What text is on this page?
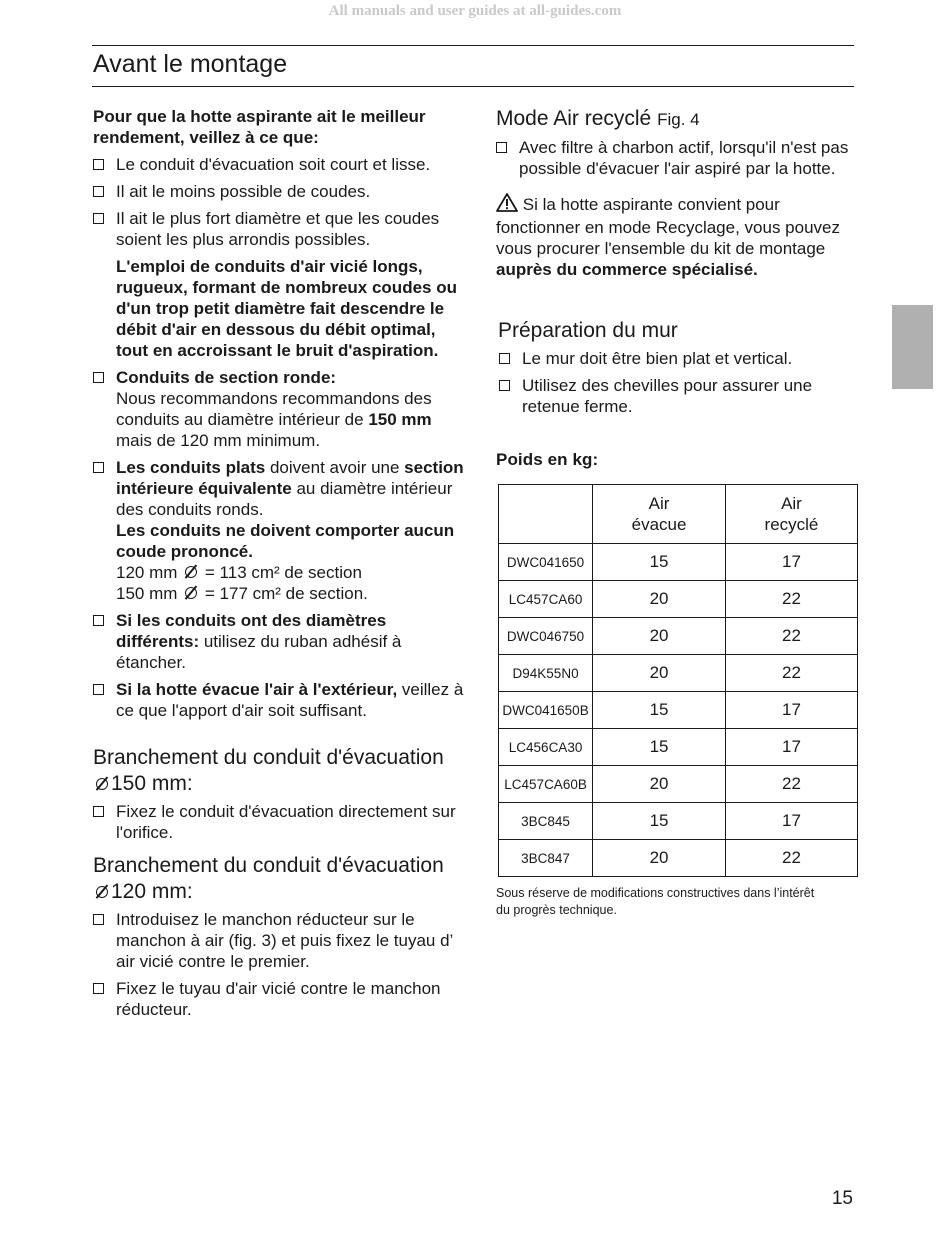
All manuals and user guides at all-guides.com
Avant le montage

Pour que la hotte aspirante ait le meilleur rendement, veillez à ce que:

Le conduit d'évacuation soit court et lisse.
Il ait le moins possible de coudes.
Il ait le plus fort diamètre et que les coudes soient les plus arrondis possibles.

L'emploi de conduits d'air vicié longs, rugueux, formant de nombreux coudes ou d'un trop petit diamètre fait descendre le débit d'air en dessous du débit optimal, tout en accroissant le bruit d'aspiration.

Conduits de section ronde:
Nous recommandons recommandons des conduits au diamètre intérieur de 150 mm mais de 120 mm minimum.
Les conduits plats doivent avoir une section intérieure équivalente au diamètre intérieur des conduits ronds.
Les conduits ne doivent comporter aucun coude prononcé.
120 mm = 113 cm² de section
150 mm = 177 cm² de section.
Si les conduits ont des diamètres différents: utilisez du ruban adhésif à étancher.
Si la hotte évacue l'air à l'extérieur, veillez à ce que l'apport d'air soit suffisant.
Branchement du conduit d'évacuation 150 mm:
Fixez le conduit d'évacuation directement sur l'orifice.
Branchement du conduit d'évacuation 120 mm:
Introduisez le manchon réducteur sur le manchon à air (fig. 3) et puis fixez le tuyau d’ air vicié contre le premier.
Fixez le tuyau d'air vicié contre le manchon réducteur.
Mode Air recyclé Fig. 4
Avec filtre à charbon actif, lorsqu'il n'est pas possible d'évacuer l'air aspiré par la hotte.

Si la hotte aspirante convient pour fonctionner en mode Recyclage, vous pouvez vous procurer l'ensemble du kit de montage auprès du commerce spécialisé.

Préparation du mur
Le mur doit être bien plat et vertical.
Utilisez des chevilles pour assurer une retenue ferme.

Poids en kg:

	Air évacue	Air recyclé
DWC041650	15	17
LC457CA60	20	22
DWC046750	20	22
D94K55N0	20	22
DWC041650B	15	17
LC456CA30	15	17
LC457CA60B	20	22
3BC845	15	17
3BC847	20	22

Sous réserve de modifications constructives dans l’intérêt du progrès technique.

15
